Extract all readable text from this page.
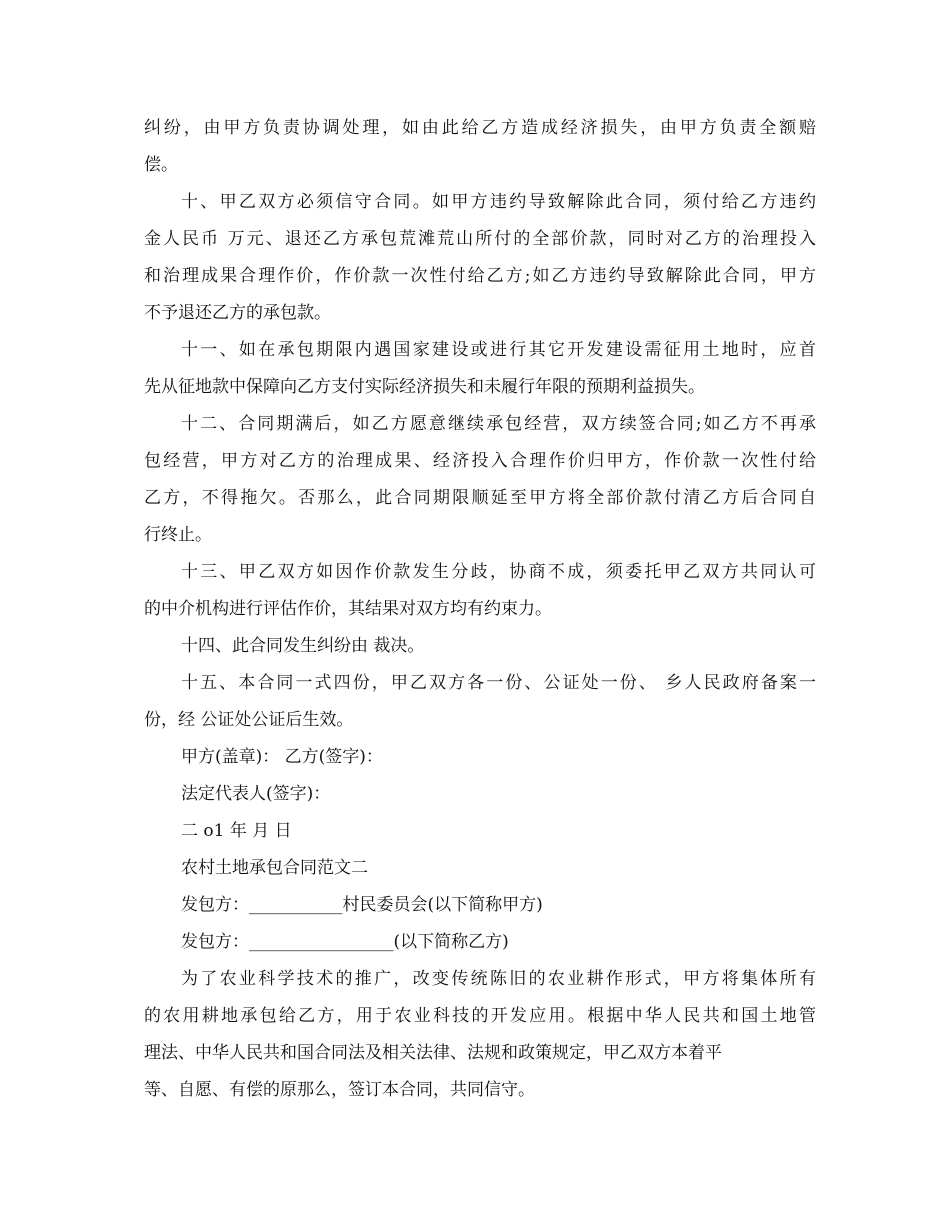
纠纷，由甲方负责协调处理，如由此给乙方造成经济损失，由甲方负责全额赔
偿。
十、甲乙双方必须信守合同。如甲方违约导致解除此合同，须付给乙方违约
金人民币 万元、退还乙方承包荒滩荒山所付的全部价款，同时对乙方的治理投入
和治理成果合理作价，作价款一次性付给乙方;如乙方违约导致解除此合同，甲方
不予退还乙方的承包款。
十一、如在承包期限内遇国家建设或进行其它开发建设需征用土地时，应首
先从征地款中保障向乙方支付实际经济损失和未履行年限的预期利益损失。
十二、合同期满后，如乙方愿意继续承包经营，双方续签合同;如乙方不再承
包经营，甲方对乙方的治理成果、经济投入合理作价归甲方，作价款一次性付给
乙方，不得拖欠。否那么，此合同期限顺延至甲方将全部价款付清乙方后合同自
行终止。
十三、甲乙双方如因作价款发生分歧，协商不成，须委托甲乙双方共同认可
的中介机构进行评估作价，其结果对双方均有约束力。
十四、此合同发生纠纷由 裁决。
十五、本合同一式四份，甲乙双方各一份、公证处一份、 乡人民政府备案一
份，经 公证处公证后生效。
甲方(盖章)： 乙方(签字)：
法定代表人(签字)：
二 o1 年 月 日
农村土地承包合同范文二
发包方：___________村民委员会(以下简称甲方)
发包方：_________________(以下简称乙方)
为了农业科学技术的推广，改变传统陈旧的农业耕作形式，甲方将集体所有
的农用耕地承包给乙方，用于农业科技的开发应用。根据中华人民共和国土地管
理法、中华人民共和国合同法及相关法律、法规和政策规定，甲乙双方本着平
等、自愿、有偿的原那么，签订本合同，共同信守。
